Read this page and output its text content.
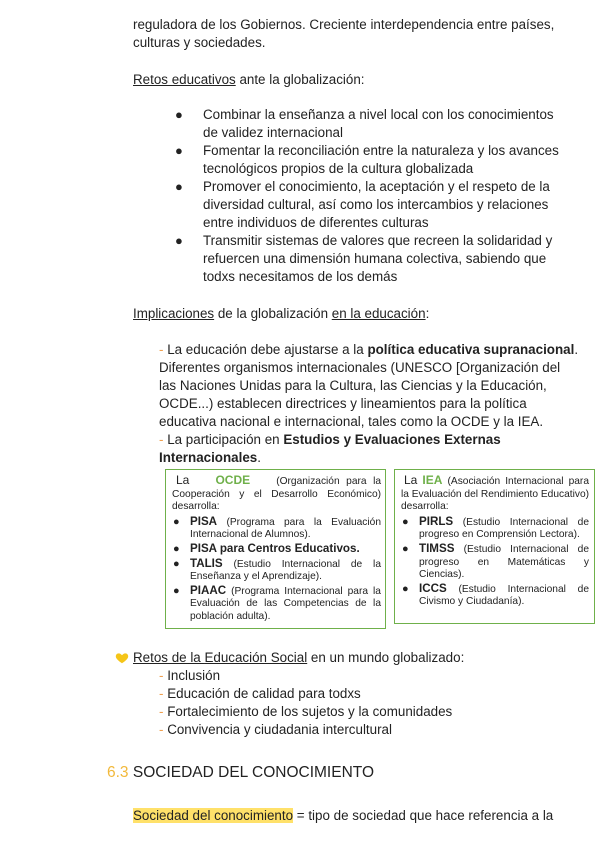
reguladora de los Gobiernos. Creciente interdependencia entre países,
culturas y sociedades.
Retos educativos ante la globalización:
● Combinar la enseñanza a nivel local con los conocimientos
de validez internacional
● Fomentar la reconciliación entre la naturaleza y los avances
tecnológicos propios de la cultura globalizada
● Promover el conocimiento, la aceptación y el respeto de la
diversidad cultural, así como los intercambios y relaciones
entre individuos de diferentes culturas
● Transmitir sistemas de valores que recreen la solidaridad y
refuercen una dimensión humana colectiva, sabiendo que
todxs necesitamos de los demás
Implicaciones de la globalización en la educación:
- La educación debe ajustarse a la política educativa supranacional.
Diferentes organismos internacionales (UNESCO [Organización del
las Naciones Unidas para la Cultura, las Ciencias y la Educación,
OCDE...) establecen directrices y lineamientos para la política
educativa nacional e internacional, tales como la OCDE y la IEA.
- La participación en Estudios y Evaluaciones Externas
Internacionales.
La OCDE	(Organización para la Cooperación y el Desarrollo Económico) desarrolla:
● PISA (Programa para la Evaluación Internacional de Alumnos).
● PISA para Centros Educativos.
● TALIS (Estudio Internacional de la Enseñanza y el Aprendizaje).
● PIAAC (Programa Internacional para la Evaluación de las Competencias de la población adulta).
La IEA (Asociación Internacional para la Evaluación del Rendimiento Educativo) desarrolla:
● PIRLS (Estudio Internacional de progreso en Comprensión Lectora).
● TIMSS (Estudio Internacional de progreso en Matemáticas y Ciencias).
● ICCS (Estudio Internacional de Civismo y Ciudadanía).
Retos de la Educación Social en un mundo globalizado:
- Inclusión
- Educación de calidad para todxs
- Fortalecimiento de los sujetos y la comunidades
- Convivencia y ciudadania intercultural
6.3 SOCIEDAD DEL CONOCIMIENTO
Sociedad del conocimiento = tipo de sociedad que hace referencia a la
